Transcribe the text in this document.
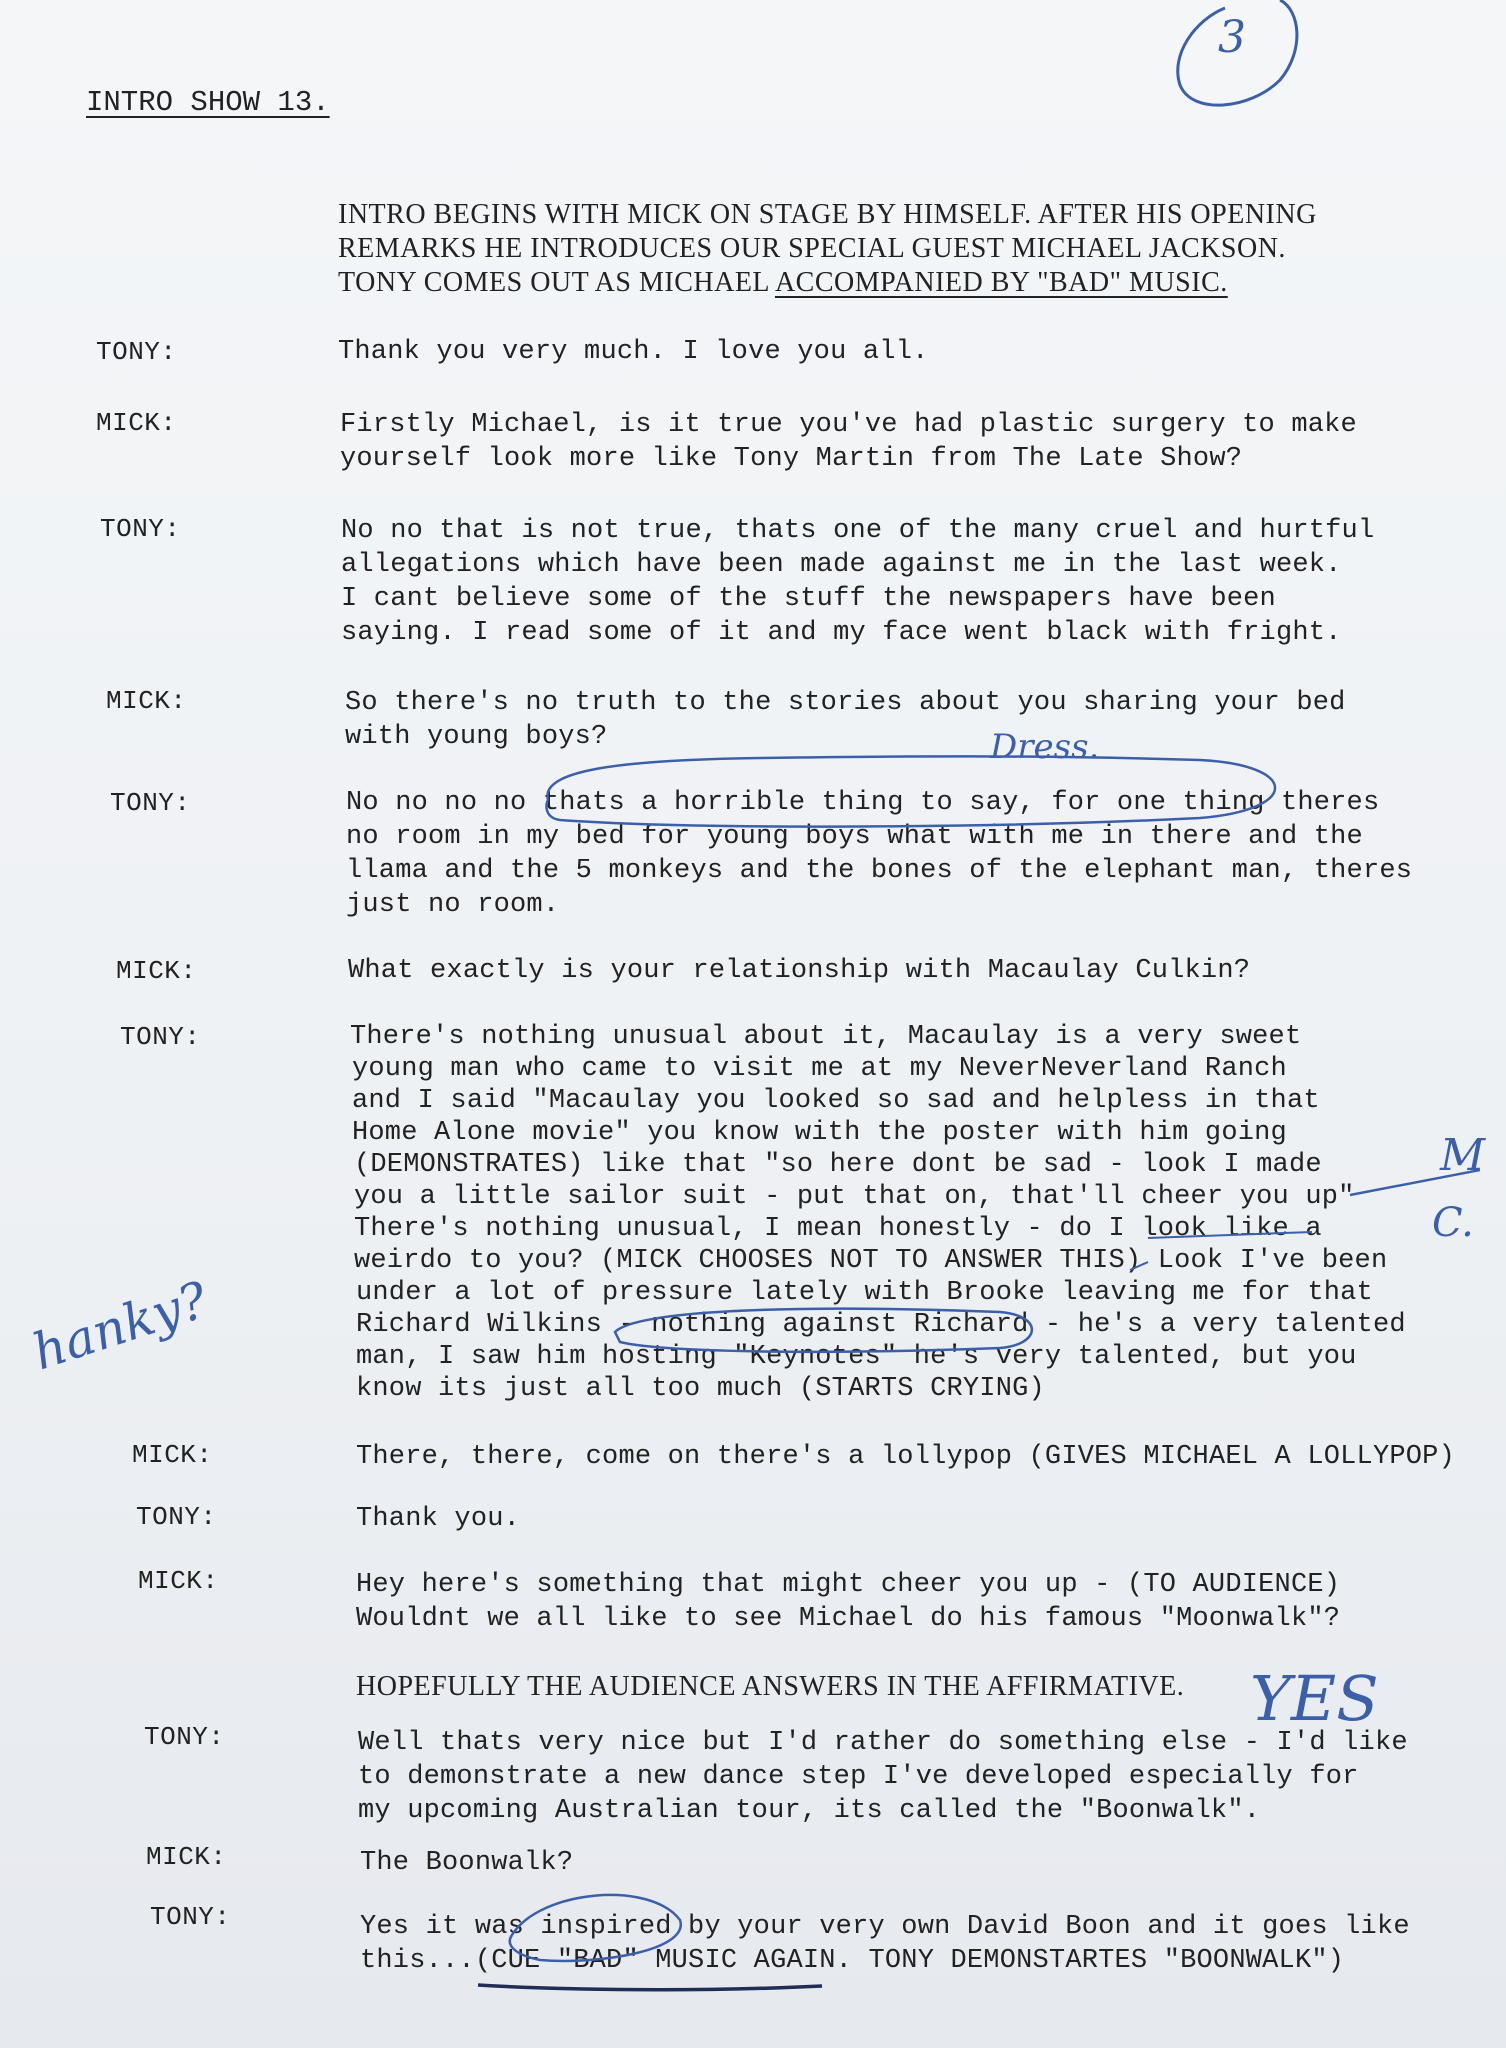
INTRO SHOW 13.
INTRO BEGINS WITH MICK ON STAGE BY HIMSELF. AFTER HIS OPENING
REMARKS HE INTRODUCES OUR SPECIAL GUEST MICHAEL JACKSON.
TONY COMES OUT AS MICHAEL ACCOMPANIED BY "BAD" MUSIC.
TONY:	Thank you very much. I love you all.
MICK:	Firstly Michael, is it true you've had plastic surgery to make
yourself look more like Tony Martin from The Late Show?
TONY:	No no that is not true, thats one of the many cruel and hurtful
allegations which have been made against me in the last week.
I cant believe some of the stuff the newspapers have been
saying. I read some of it and my face went black with fright.
MICK:	So there's no truth to the stories about you sharing your bed
with young boys?
TONY:	No no no no thats a horrible thing to say, for one thing theres
no room in my bed for young boys what with me in there and the
llama and the 5 monkeys and the bones of the elephant man, theres
just no room.
MICK:	What exactly is your relationship with Macaulay Culkin?
TONY:	There's nothing unusual about it, Macaulay is a very sweet
young man who came to visit me at my NeverNeverland Ranch
and I said "Macaulay you looked so sad and helpless in that
Home Alone movie" you know with the poster with him going
(DEMONSTRATES) like that "so here dont be sad - look I made
you a little sailor suit - put that on, that'll cheer you up"
There's nothing unusual, I mean honestly - do I look like a
weirdo to you? (MICK CHOOSES NOT TO ANSWER THIS) Look I've been
under a lot of pressure lately with Brooke leaving me for that
Richard Wilkins - nothing against Richard - he's a very talented
man, I saw him hosting "Keynotes" he's very talented, but you
know its just all too much (STARTS CRYING)
MICK:	There, there, come on there's a lollypop (GIVES MICHAEL A LOLLYPOP)
TONY:	Thank you.
MICK:	Hey here's something that might cheer you up - (TO AUDIENCE)
Wouldnt we all like to see Michael do his famous "Moonwalk"?
HOPEFULLY THE AUDIENCE ANSWERS IN THE AFFIRMATIVE.
TONY:	Well thats very nice but I'd rather do something else - I'd like
to demonstrate a new dance step I've developed especially for
my upcoming Australian tour, its called the "Boonwalk".
MICK:	The Boonwalk?
TONY:	Yes it was inspired by your very own David Boon and it goes like
this...(CUE "BAD" MUSIC AGAIN. TONY DEMONSTARTES "BOONWALK")
3
Dress.
M
C.
hanky?
YES
